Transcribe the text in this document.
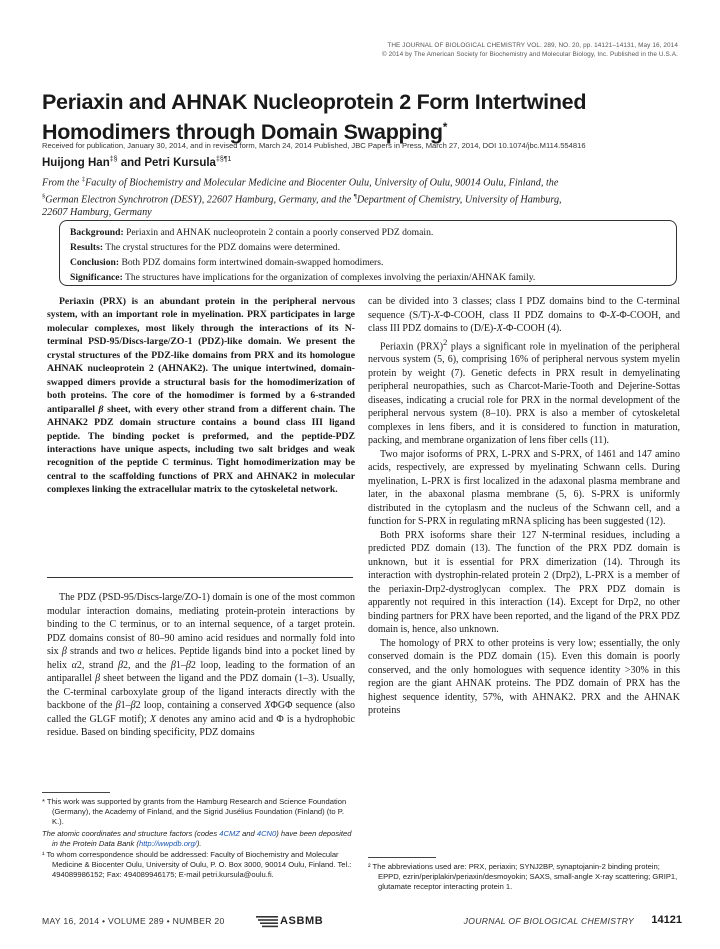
THE JOURNAL OF BIOLOGICAL CHEMISTRY VOL. 289, NO. 20, pp. 14121–14131, May 16, 2014
© 2014 by The American Society for Biochemistry and Molecular Biology, Inc. Published in the U.S.A.
Periaxin and AHNAK Nucleoprotein 2 Form Intertwined
Homodimers through Domain Swapping*
Received for publication, January 30, 2014, and in revised form, March 24, 2014 Published, JBC Papers in Press, March 27, 2014, DOI 10.1074/jbc.M114.554816
Huijong Han‡§ and Petri Kursula$^{\ddagger\S\P 1}$

From the ‡Faculty of Biochemistry and Molecular Medicine and Biocenter Oulu, University of Oulu, 90014 Oulu, Finland, the
§German Electron Synchrotron (DESY), 22607 Hamburg, Germany, and the ¶Department of Chemistry, University of Hamburg,
22607 Hamburg, Germany

Background: Periaxin and AHNAK nucleoprotein 2 contain a poorly conserved PDZ domain.

Results: The crystal structures for the PDZ domains were determined.

Conclusion: Both PDZ domains form intertwined domain-swapped homodimers.

Significance: The structures have implications for the organization of complexes involving the periaxin/AHNAK family.

Periaxin (PRX) is an abundant protein in the peripheral nervous system, with an important role in myelination. PRX participates in large molecular complexes, most likely through the interactions of its N-terminal PSD-95/Discs-large/ZO-1 (PDZ)-like domain. We present the crystal structures of the PDZ-like domains from PRX and its homologue AHNAK nucleoprotein 2 (AHNAK2). The unique intertwined, domain-swapped dimers provide a structural basis for the homodimerization of both proteins. The core of the homodimer is formed by a 6-stranded antiparallel β sheet, with every other strand from a different chain. The AHNAK2 PDZ domain structure contains a bound class III ligand peptide. The binding pocket is preformed, and the peptide-PDZ interactions have unique aspects, including two salt bridges and weak recognition of the peptide C terminus. Tight homodimerization may be central to the scaffolding functions of PRX and AHNAK2 in molecular complexes linking the extracellular matrix to the cytoskeletal network.

The PDZ (PSD-95/Discs-large/ZO-1) domain is one of the most common modular interaction domains, mediating protein-protein interactions by binding to the C terminus, or to an internal sequence, of a target protein. PDZ domains consist of 80–90 amino acid residues and normally fold into six β strands and two α helices. Peptide ligands bind into a pocket lined by helix α2, strand β2, and the β1–β2 loop, leading to the formation of an antiparallel β sheet between the ligand and the PDZ domain (1–3). Usually, the C-terminal carboxylate group of the ligand interacts directly with the backbone of the β1–β2 loop, containing a conserved XΦGΦ sequence (also called the GLGF motif); X denotes any amino acid and Φ is a hydrophobic residue. Based on binding specificity, PDZ domains

can be divided into 3 classes; class I PDZ domains bind to the C-terminal sequence (S/T)-X-Φ-COOH, class II PDZ domains to Φ-X-Φ-COOH, and class III PDZ domains to (D/E)-X-Φ-COOH (4).

Periaxin (PRX)$^2$ plays a significant role in myelination of the peripheral nervous system (5, 6), comprising 16% of peripheral nervous system myelin protein by weight (7). Genetic defects in PRX result in demyelinating peripheral neuropathies, such as Charcot-Marie-Tooth and Dejerine-Sottas diseases, indicating a crucial role for PRX in the normal development of the peripheral nervous system (8–10). PRX is also a member of cytoskeletal complexes in lens fibers, and it is considered to function in maturation, packing, and membrane organization of lens fiber cells (11).

Two major isoforms of PRX, L-PRX and S-PRX, of 1461 and 147 amino acids, respectively, are expressed by myelinating Schwann cells. During myelination, L-PRX is first localized in the adaxonal plasma membrane and later, in the abaxonal plasma membrane (5, 6). S-PRX is uniformly distributed in the cytoplasm and the nucleus of the Schwann cell, and a function for S-PRX in regulating mRNA splicing has been suggested (12).

Both PRX isoforms share their 127 N-terminal residues, including a predicted PDZ domain (13). The function of the PRX PDZ domain is unknown, but it is essential for PRX dimerization (14). Through its interaction with dystrophin-related protein 2 (Drp2), L-PRX is a member of the periaxin-Drp2-dystroglycan complex. The PRX PDZ domain is apparently not required in this interaction (14). Except for Drp2, no other binding partners for PRX have been reported, and the ligand of the PRX PDZ domain is, hence, also unknown.

The homology of PRX to other proteins is very low; essentially, the only conserved domain is the PDZ domain (15). Even this domain is poorly conserved, and the only homologues with sequence identity >30% in this region are the giant AHNAK proteins. The PDZ domain of PRX has the highest sequence identity, 57%, with AHNAK2. PRX and the AHNAK proteins

* This work was supported by grants from the Hamburg Research and Science Foundation (Germany), the Academy of Finland, and the Sigrid Jusélius Foundation (Finland) (to P. K.).

The atomic coordinates and structure factors (codes 4CMZ and 4CN0) have been deposited in the Protein Data Bank (http://wwpdb.org/).

¹ To whom correspondence should be addressed: Faculty of Biochemistry and Molecular Medicine & Biocenter Oulu, University of Oulu, P. O. Box 3000, 90014 Oulu, Finland. Tel.: 494089986152; Fax: 494089946175; E-mail petri.kursula@oulu.fi.

² The abbreviations used are: PRX, periaxin; SYNJ2BP, synaptojanin-2 binding protein; EPPD, ezrin/periplakin/periaxin/desmoyokin; SAXS, small-angle X-ray scattering; GRIP1, glutamate receptor interacting protein 1.

MAY 16, 2014 • VOLUME 289 • NUMBER 20	ASBMB	JOURNAL OF BIOLOGICAL CHEMISTRY 14121
